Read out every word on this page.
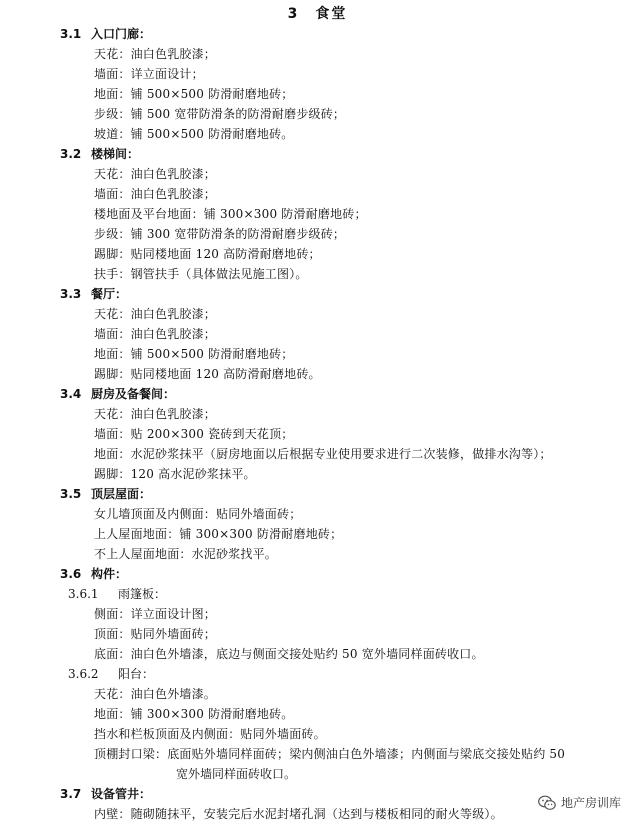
3　食堂
3.1 入口门廊：
天花：油白色乳胶漆；
墙面：详立面设计；
地面：铺 500×500 防滑耐磨地砖；
步级：铺 500 宽带防滑条的防滑耐磨步级砖；
坡道：铺 500×500 防滑耐磨地砖。
3.2 楼梯间：
天花：油白色乳胶漆；
墙面：油白色乳胶漆；
楼地面及平台地面：铺 300×300 防滑耐磨地砖；
步级：铺 300 宽带防滑条的防滑耐磨步级砖；
踢脚：贴同楼地面 120 高防滑耐磨地砖；
扶手：钢管扶手（具体做法见施工图）。
3.3 餐厅：
天花：油白色乳胶漆；
墙面：油白色乳胶漆；
地面：铺 500×500 防滑耐磨地砖；
踢脚：贴同楼地面 120 高防滑耐磨地砖。
3.4 厨房及备餐间：
天花：油白色乳胶漆；
墙面：贴 200×300 瓷砖到天花顶；
地面：水泥砂浆抹平（厨房地面以后根据专业使用要求进行二次装修，做排水沟等）；
踢脚：120 高水泥砂浆抹平。
3.5 顶层屋面：
女儿墙顶面及内侧面：贴同外墙面砖；
上人屋面地面：铺 300×300 防滑耐磨地砖；
不上人屋面地面：水泥砂浆找平。
3.6 构件：
3.6.1 雨篷板：
侧面：详立面设计图；
顶面：贴同外墙面砖；
底面：油白色外墙漆，底边与侧面交接处贴约 50 宽外墙同样面砖收口。
3.6.2 阳台：
天花：油白色外墙漆。
地面：铺 300×300 防滑耐磨地砖。
挡水和栏板顶面及内侧面：贴同外墙面砖。
顶棚封口梁：底面贴外墙同样面砖；梁内侧油白色外墙漆；内侧面与梁底交接处贴约 50
宽外墙同样面砖收口。
3.7 设备管井：
内壁：随砌随抹平，安装完后水泥封堵孔洞（达到与楼板相同的耐火等级）。
地产房训库
